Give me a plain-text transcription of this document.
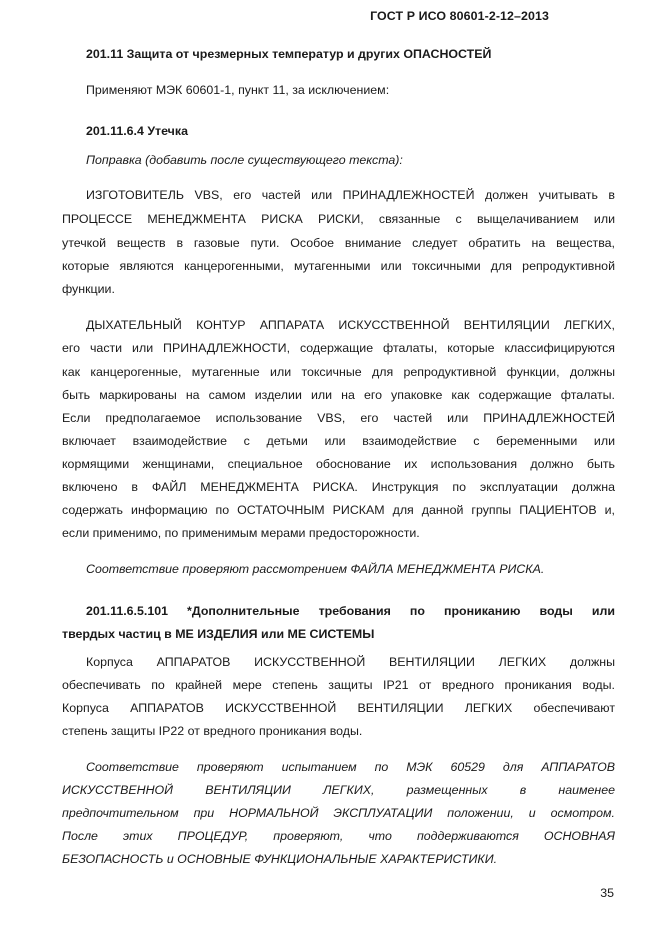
ГОСТ Р ИСО 80601-2-12–2013
201.11 Защита от чрезмерных температур и других ОПАСНОСТЕЙ
Применяют МЭК 60601-1, пункт 11, за исключением:
201.11.6.4 Утечка
Поправка (добавить после существующего текста):
ИЗГОТОВИТЕЛЬ VBS, его частей или ПРИНАДЛЕЖНОСТЕЙ должен учитывать в
ПРОЦЕССЕ МЕНЕДЖМЕНТА РИСКА РИСКИ, связанные с выщелачиванием или
утечкой веществ в газовые пути. Особое внимание следует обратить на вещества,
которые являются канцерогенными, мутагенными или токсичными для репродуктивной
функции.
ДЫХАТЕЛЬНЫЙ КОНТУР АППАРАТА ИСКУССТВЕННОЙ ВЕНТИЛЯЦИИ ЛЕГКИХ,
его части или ПРИНАДЛЕЖНОСТИ, содержащие фталаты, которые классифицируются
как канцерогенные, мутагенные или токсичные для репродуктивной функции, должны
быть маркированы на самом изделии или на его упаковке как содержащие фталаты.
Если предполагаемое использование VBS, его частей или ПРИНАДЛЕЖНОСТЕЙ
включает взаимодействие с детьми или взаимодействие с беременными или
кормящими женщинами, специальное обоснование их использования должно быть
включено в ФАЙЛ МЕНЕДЖМЕНТА РИСКА. Инструкция по эксплуатации должна
содержать информацию по ОСТАТОЧНЫМ РИСКАМ для данной группы ПАЦИЕНТОВ и,
если применимо, по применимым мерами предосторожности.
Соответствие проверяют рассмотрением ФАЙЛА МЕНЕДЖМЕНТА РИСКА.
201.11.6.5.101 *Дополнительные требования по прониканию воды или
твердых частиц в МЕ ИЗДЕЛИЯ или МЕ СИСТЕМЫ
Корпуса АППАРАТОВ ИСКУССТВЕННОЙ ВЕНТИЛЯЦИИ ЛЕГКИХ должны
обеспечивать по крайней мере степень защиты IP21 от вредного проникания воды.
Корпуса АППАРАТОВ ИСКУССТВЕННОЙ ВЕНТИЛЯЦИИ ЛЕГКИХ обеспечивают
степень защиты IP22 от вредного проникания воды.
Соответствие проверяют испытанием по МЭК 60529 для АППАРАТОВ
ИСКУССТВЕННОЙ ВЕНТИЛЯЦИИ ЛЕГКИХ, размещенных в наименее
предпочтительном при НОРМАЛЬНОЙ ЭКСПЛУАТАЦИИ положении, и осмотром.
После этих ПРОЦЕДУР, проверяют, что поддерживаются ОСНОВНАЯ
БЕЗОПАСНОСТЬ и ОСНОВНЫЕ ФУНКЦИОНАЛЬНЫЕ ХАРАКТЕРИСТИКИ.
35
